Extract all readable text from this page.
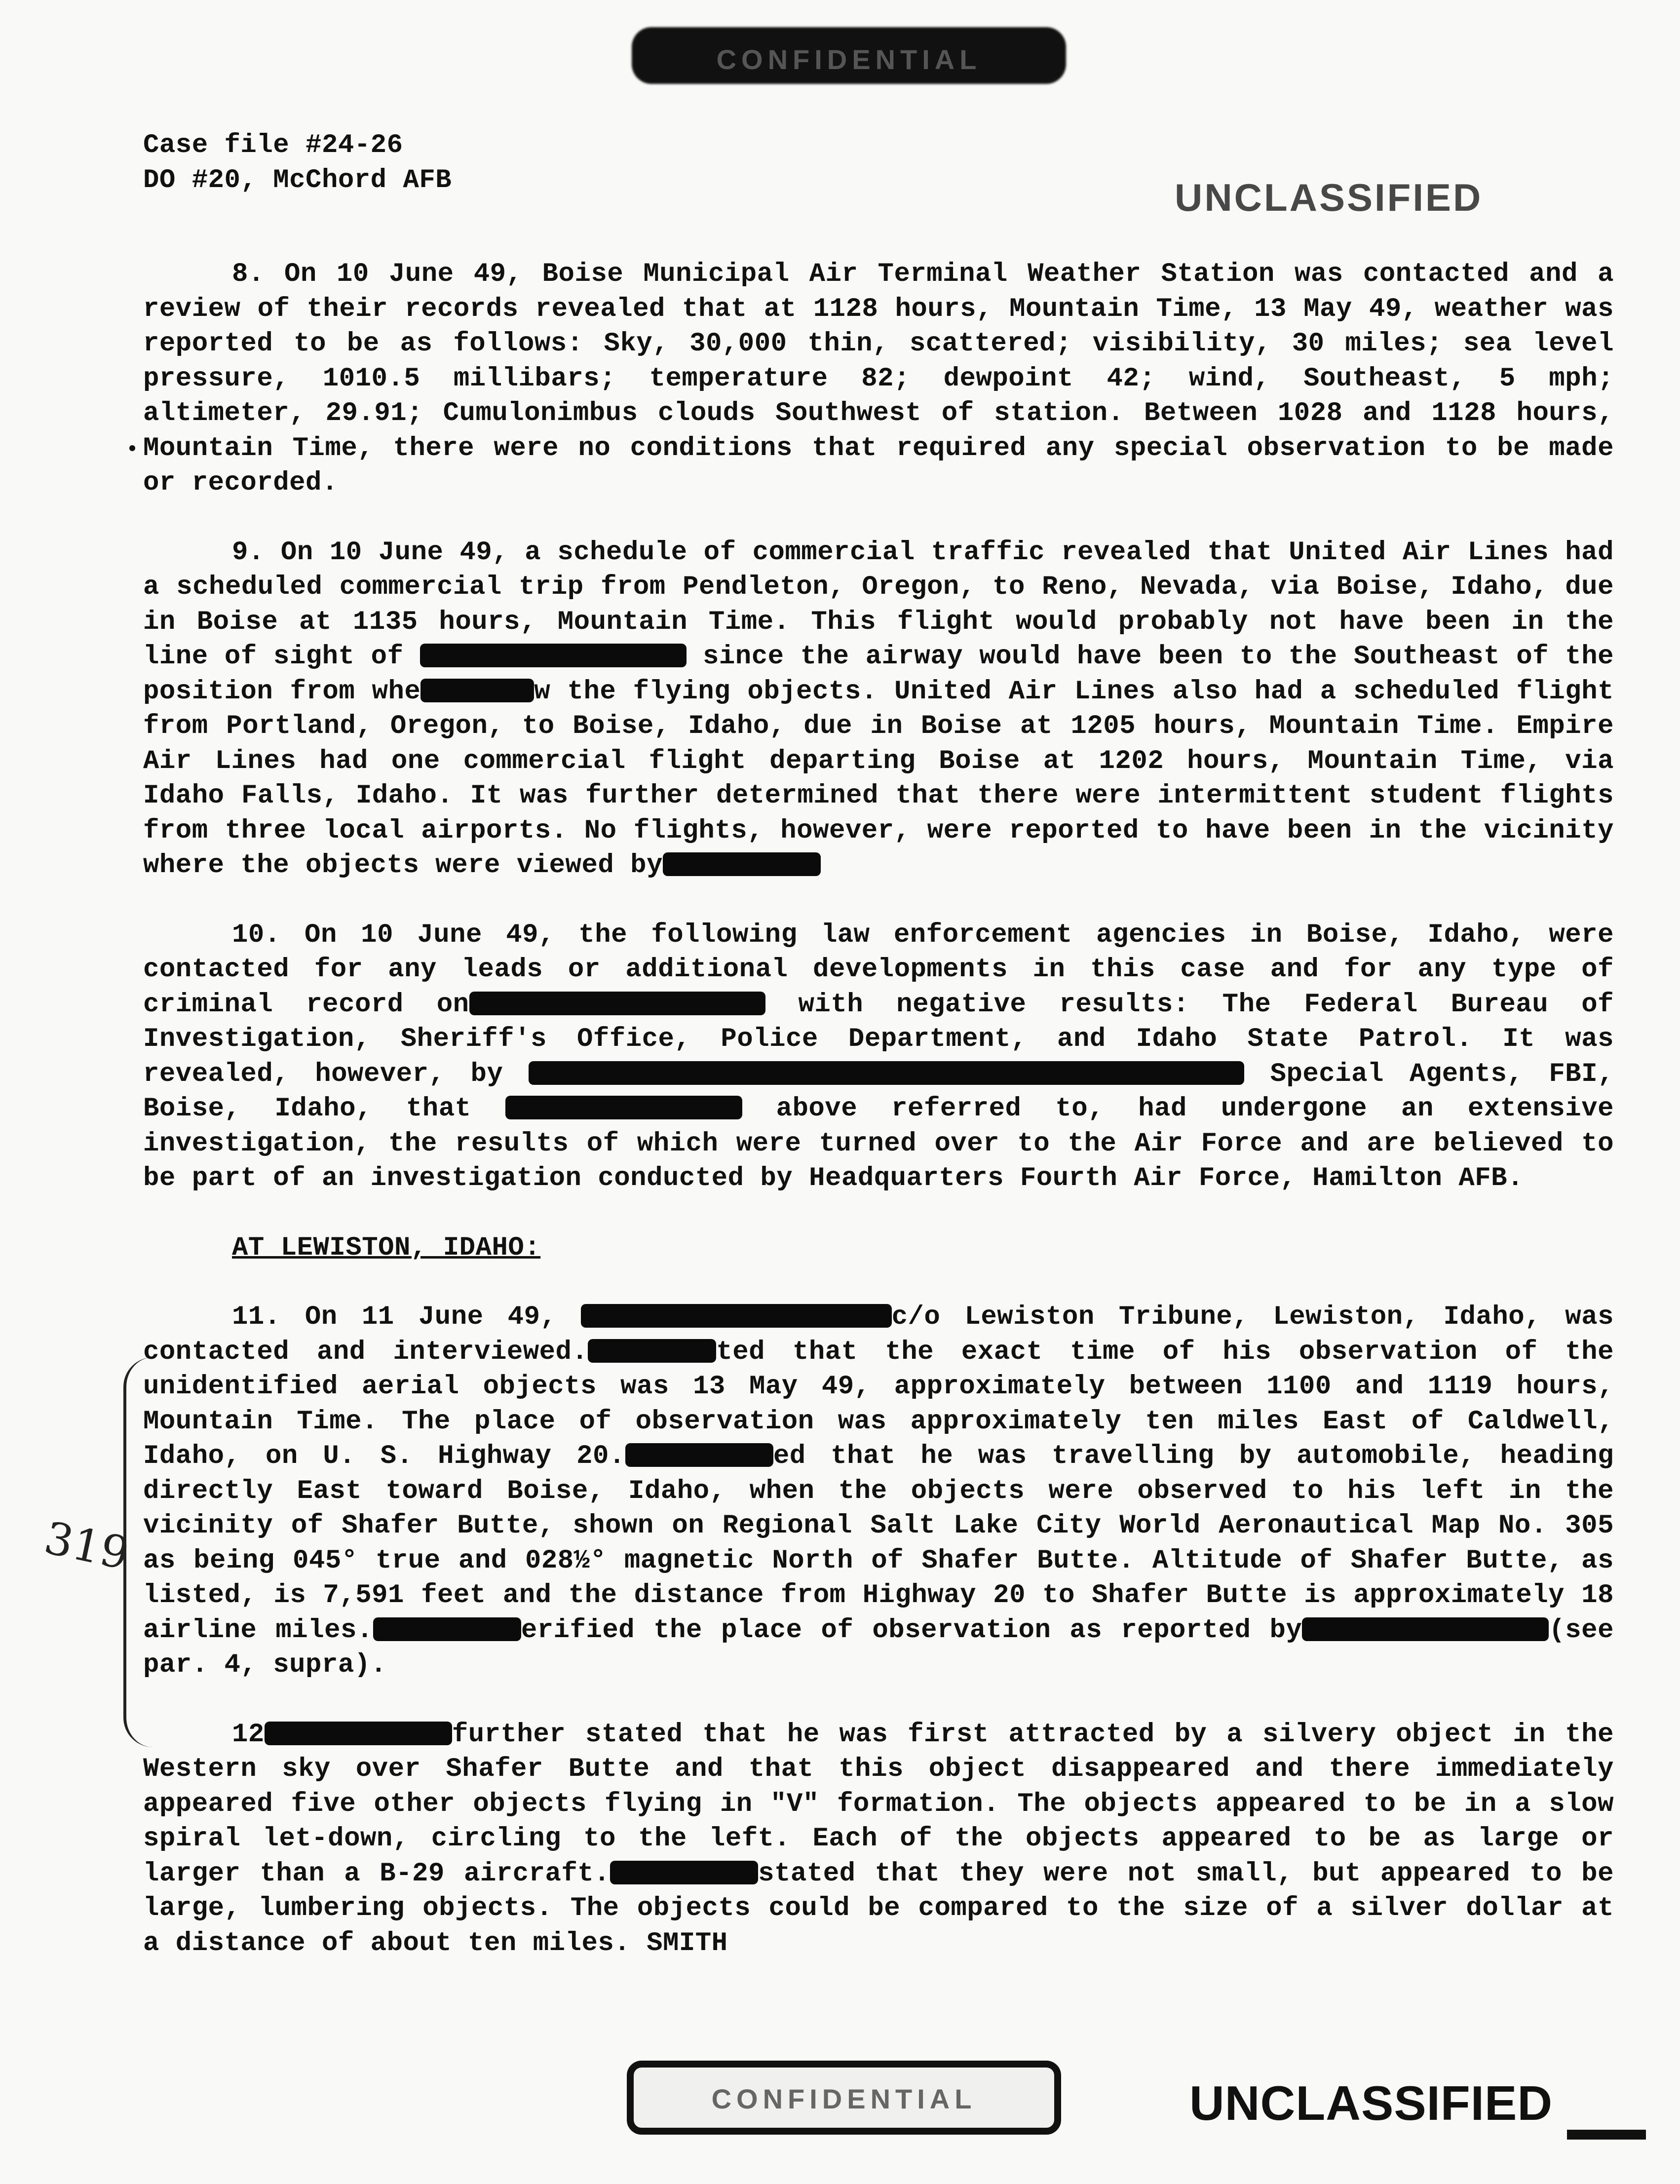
CONFIDENTIAL
UNCLASSIFIED
Case file #24-26
DO #20, McChord AFB
8. On 10 June 49, Boise Municipal Air Terminal Weather Station was contacted and a review of their records revealed that at 1128 hours, Mountain Time, 13 May 49, weather was reported to be as follows: Sky, 30,000 thin, scattered; visibility, 30 miles; sea level pressure, 1010.5 millibars; temperature 82; dewpoint 42; wind, Southeast, 5 mph; altimeter, 29.91; Cumulonimbus clouds Southwest of station. Between 1028 and 1128 hours, Mountain Time, there were no conditions that required any special observation to be made or recorded.
9. On 10 June 49, a schedule of commercial traffic revealed that United Air Lines had a scheduled commercial trip from Pendleton, Oregon, to Reno, Nevada, via Boise, Idaho, due in Boise at 1135 hours, Mountain Time. This flight would probably not have been in the line of sight of	since the airway would have been to the Southeast of the position from whe	w the flying objects. United Air Lines also had a scheduled flight from Portland, Oregon, to Boise, Idaho, due in Boise at 1205 hours, Mountain Time. Empire Air Lines had one commercial flight departing Boise at 1202 hours, Mountain Time, via Idaho Falls, Idaho. It was further determined that there were intermittent student flights from three local airports. No flights, however, were reported to have been in the vicinity where the objects were viewed by
10. On 10 June 49, the following law enforcement agencies in Boise, Idaho, were contacted for any leads or additional developments in this case and for any type of criminal record on	with negative results: The Federal Bureau of Investigation, Sheriff's Office, Police Department, and Idaho State Patrol. It was revealed, however, by	Special Agents, FBI, Boise, Idaho, that	above referred to, had undergone an extensive investigation, the results of which were turned over to the Air Force and are believed to be part of an investigation conducted by Headquarters Fourth Air Force, Hamilton AFB.
AT LEWISTON, IDAHO:
11. On 11 June 49,	c/o Lewiston Tribune, Lewiston, Idaho, was contacted and interviewed.	ted that the exact time of his observation of the unidentified aerial objects was 13 May 49, approximately between 1100 and 1119 hours, Mountain Time. The place of observation was approximately ten miles East of Caldwell, Idaho, on U. S. Highway 20.	ed that he was travelling by automobile, heading directly East toward Boise, Idaho, when the objects were observed to his left in the vicinity of Shafer Butte, shown on Regional Salt Lake City World Aeronautical Map No. 305 as being 045° true and 028½° magnetic North of Shafer Butte. Altitude of Shafer Butte, as listed, is 7,591 feet and the distance from Highway 20 to Shafer Butte is approximately 18 airline miles.	erified the place of observation as reported by	(see par. 4, supra).
12	further stated that he was first attracted by a silvery object in the Western sky over Shafer Butte and that this object disappeared and there immediately appeared five other objects flying in "V" formation. The objects appeared to be in a slow spiral let-down, circling to the left. Each of the objects appeared to be as large or larger than a B-29 aircraft.	stated that they were not small, but appeared to be large, lumbering objects. The objects could be compared to the size of a silver dollar at a distance of about ten miles. SMITH
319
CONFIDENTIAL	UNCLASSIFIED
